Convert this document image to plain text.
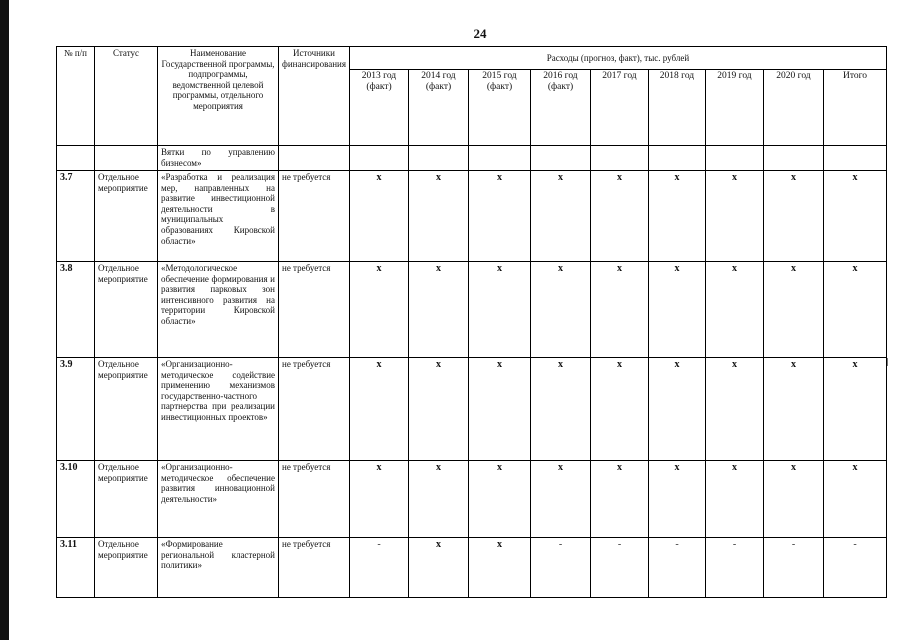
24
№ п/п	Статус	Наименование Государственной программы, подпрограммы, ведомственной целевой программы, отдельного мероприятия	Источники финансирования	Расходы (прогноз, факт), тыс. рублей								
				2013 год (факт)	2014 год (факт)	2015 год (факт)	2016 год (факт)	2017 год	2018 год	2019 год	2020 год	Итого
		Вятки по управлению бизнесом»										
3.7	Отдельное мероприятие	«Разработка и реализация мер, направленных на развитие инвестиционной деятельности в муниципальных образованиях Кировской области»	не требуется	x	x	x	x	x	x	x	x	x
3.8	Отдельное мероприятие	«Методологическое обеспечение формирования и развития парковых зон интенсивного развития на территории Кировской области»	не требуется	x	x	x	x	x	x	x	x	x
3.9	Отдельное мероприятие	«Организационно-методическое содействие применению механизмов государственно-частного партнерства при реализации инвестиционных проектов»	не требуется	x	x	x	x	x	x	x	x	x
3.10	Отдельное мероприятие	«Организационно-методическое обеспечение развития инновационной деятельности»	не требуется	x	x	x	x	x	x	x	x	x
3.11	Отдельное мероприятие	«Формирование региональной кластерной политики»	не требуется	-	x	x	-	-	-	-	-	-
